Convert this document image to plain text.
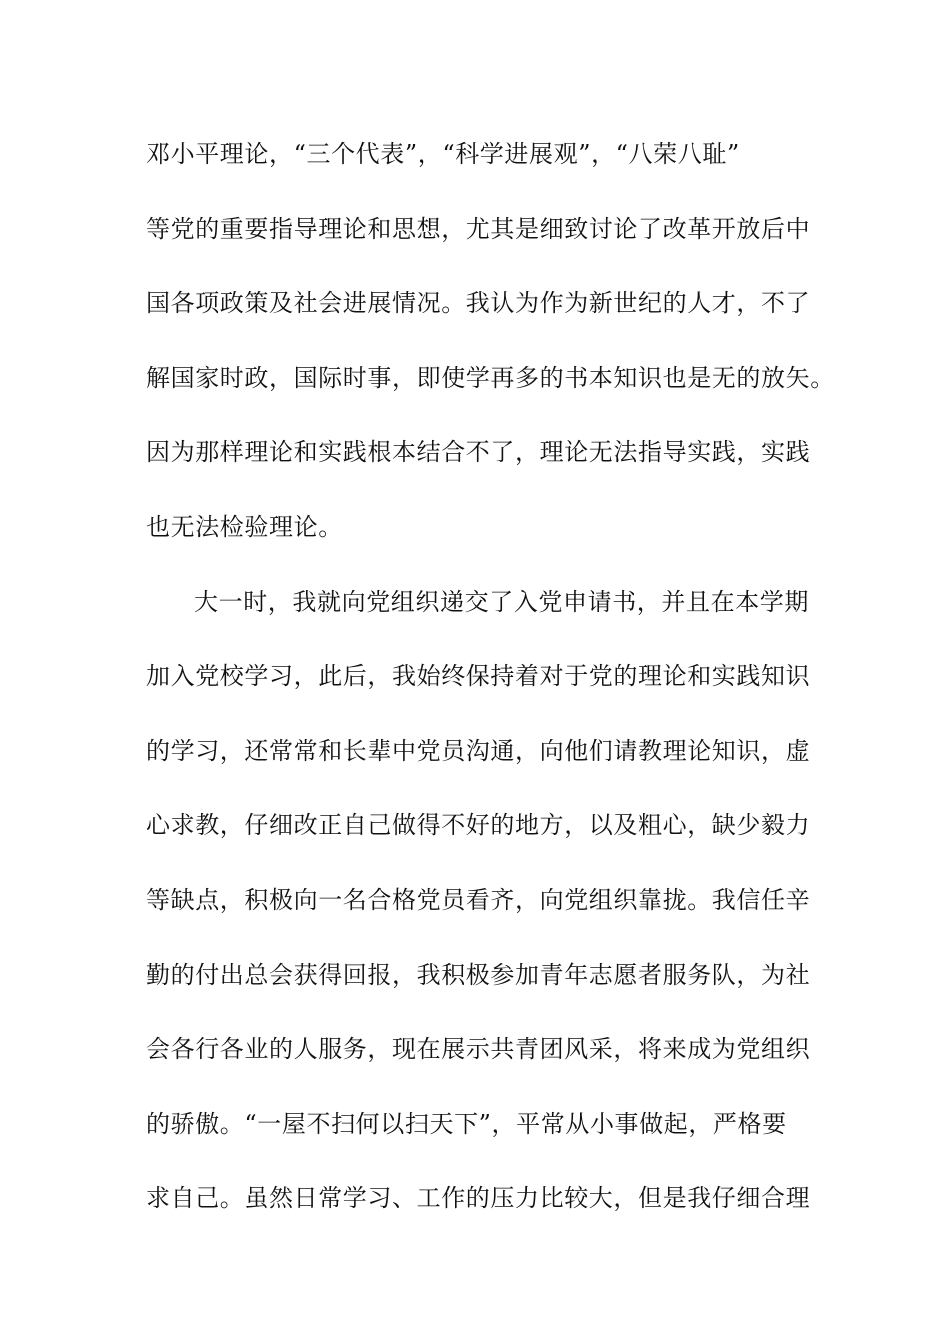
邓小平理论，“三个代表”，“科学进展观”，“八荣八耻”
等党的重要指导理论和思想，尤其是细致讨论了改革开放后中
国各项政策及社会进展情况。我认为作为新世纪的人才，不了
解国家时政，国际时事，即使学再多的书本知识也是无的放矢。
因为那样理论和实践根本结合不了，理论无法指导实践，实践
也无法检验理论。
大一时，我就向党组织递交了入党申请书，并且在本学期
加入党校学习，此后，我始终保持着对于党的理论和实践知识
的学习，还常常和长辈中党员沟通，向他们请教理论知识，虚
心求教，仔细改正自己做得不好的地方，以及粗心，缺少毅力
等缺点，积极向一名合格党员看齐，向党组织靠拢。我信任辛
勤的付出总会获得回报，我积极参加青年志愿者服务队，为社
会各行各业的人服务，现在展示共青团风采，将来成为党组织
的骄傲。“一屋不扫何以扫天下”，平常从小事做起，严格要
求自己。虽然日常学习、工作的压力比较大，但是我仔细合理
